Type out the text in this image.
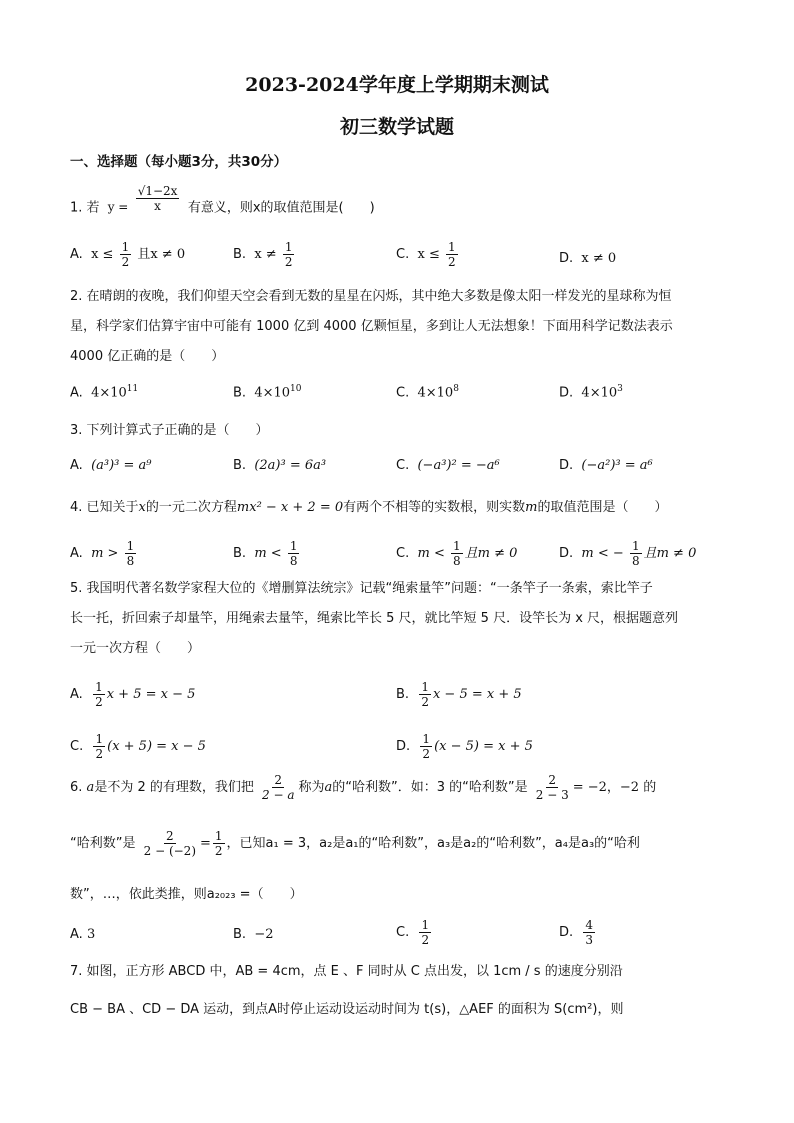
2023-2024学年度上学期期末测试
初三数学试题
一、选择题（每小题3分，共30分）
1. 若 $y = \frac{√1-2x}{x}$ 有意义，则x的取值范围是(　　)
A. $x \le \frac{1}{2}$ 且x ≠ 0	B. $x \ne \frac{1}{2}$	C. $x \le \frac{1}{2}$	D. x ≠ 0
2. 在晴朗的夜晚，我们仰望天空会看到无数的星星在闪烁，其中绝大多数是像太阳一样发光的星球称为恒
星，科学家们估算宇宙中可能有 1000 亿到 4000 亿颗恒星，多到让人无法想象！下面用科学记数法表示
4000 亿正确的是（　　）
A. $4\times 10^{11}$	B. $4\times 10^{10}$	C. $4\times 10^8$	D. $4\times 10^3$
3. 下列计算式子正确的是（　　）
A. (a³)³ = a⁹	B. (2a)³ = 6a³	C. (−a³)² = −a⁶	D. (−a²)³ = a⁶
4. 已知关于x的一元二次方程mx² − x + 2 = 0有两个不相等的实数根，则实数m的取值范围是（　　）
A. $m > \frac{1}{8}$	B. $m < \frac{1}{8}$	C. $m < \frac{1}{8}$ 且m ≠ 0	D. m < − $\frac{1}{8}$ 且m ≠ 0
5. 我国明代著名数学家程大位的《增删算法统宗》记载“绳索量竿”问题：“一条竿子一条索，索比竿子
长一托，折回索子却量竿，用绳索去量竿，绳索比竿长 5 尺，就比竿短 5 尺．设竿长为 x 尺，根据题意列
一元一次方程（　　）
A. $\frac{1}{2}$ x + 5 = x − 5	B. $\frac{1}{2}$ x − 5 = x + 5
C. $\frac{1}{2} (x + 5) = x - 5$	D. $\frac{1}{2} (x - 5) = x + 5$
6. a是不为 2 的有理数，我们把 $\frac{2}{2 - a}$ 称为a的“哈利数”．如：3 的“哈利数”是 $\frac{2}{2 - 3} = -2$，−2 的
“哈利数”是 $\frac{2}{2 - (-2)} = \frac{1}{2}$ ，已知a₁ = 3，a₂是a₁的“哈利数”，a₃是a₂的“哈利数”，a₄是a₃的“哈利
数”，…，依此类推，则a₂₀₂₃ =（　　）
A. 3	B. −2	C. $\frac{1}{2}$	D. $\frac{4}{3}$
7. 如图，正方形 ABCD 中，AB = 4cm，点 E 、F 同时从 C 点出发，以 1cm / s 的速度分别沿
CB − BA 、CD − DA 运动，到点A时停止运动设运动时间为 t(s)，△AEF 的面积为 S(cm²)，则
